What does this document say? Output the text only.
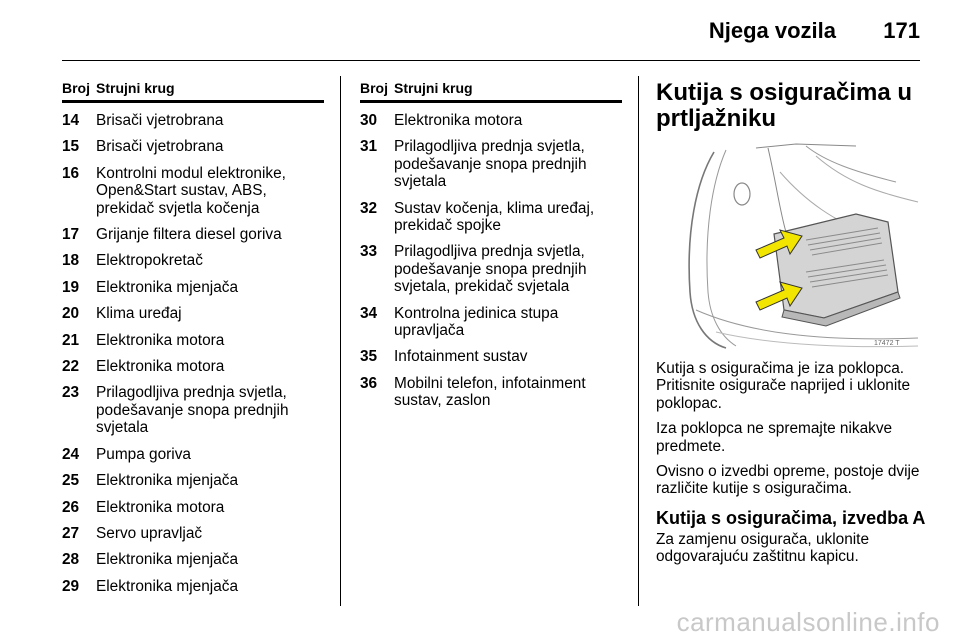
Njega vozila 171
Broj Strujni krug
14	Brisači vjetrobrana
15	Brisači vjetrobrana
16	Kontrolni modul elektronike, Open&Start sustav, ABS, prekidač svjetla kočenja
17	Grijanje filtera diesel goriva
18	Elektropokretač
19	Elektronika mjenjača
20	Klima uređaj
21	Elektronika motora
22	Elektronika motora
23	Prilagodljiva prednja svjetla, podešavanje snopa prednjih svjetala
24	Pumpa goriva
25	Elektronika mjenjača
26	Elektronika motora
27	Servo upravljač
28	Elektronika mjenjača
29	Elektronika mjenjača
Broj Strujni krug
30	Elektronika motora
31	Prilagodljiva prednja svjetla, podešavanje snopa prednjih svjetala
32	Sustav kočenja, klima uređaj, prekidač spojke
33	Prilagodljiva prednja svjetla, podešavanje snopa prednjih svjetala, prekidač svjetala
34	Kontrolna jedinica stupa upravljača
35	Infotainment sustav
36	Mobilni telefon, infotainment sustav, zaslon
Kutija s osiguračima u prtljažniku
17472 T

Kutija s osiguračima je iza poklopca. Pritisnite osigurače naprijed i uklonite poklopac.

Iza poklopca ne spremajte nikakve predmete.

Ovisno o izvedbi opreme, postoje dvije različite kutije s osiguračima.

Kutija s osiguračima, izvedba A

Za zamjenu osigurača, uklonite odgovarajuću zaštitnu kapicu.

carmanualsonline.info
